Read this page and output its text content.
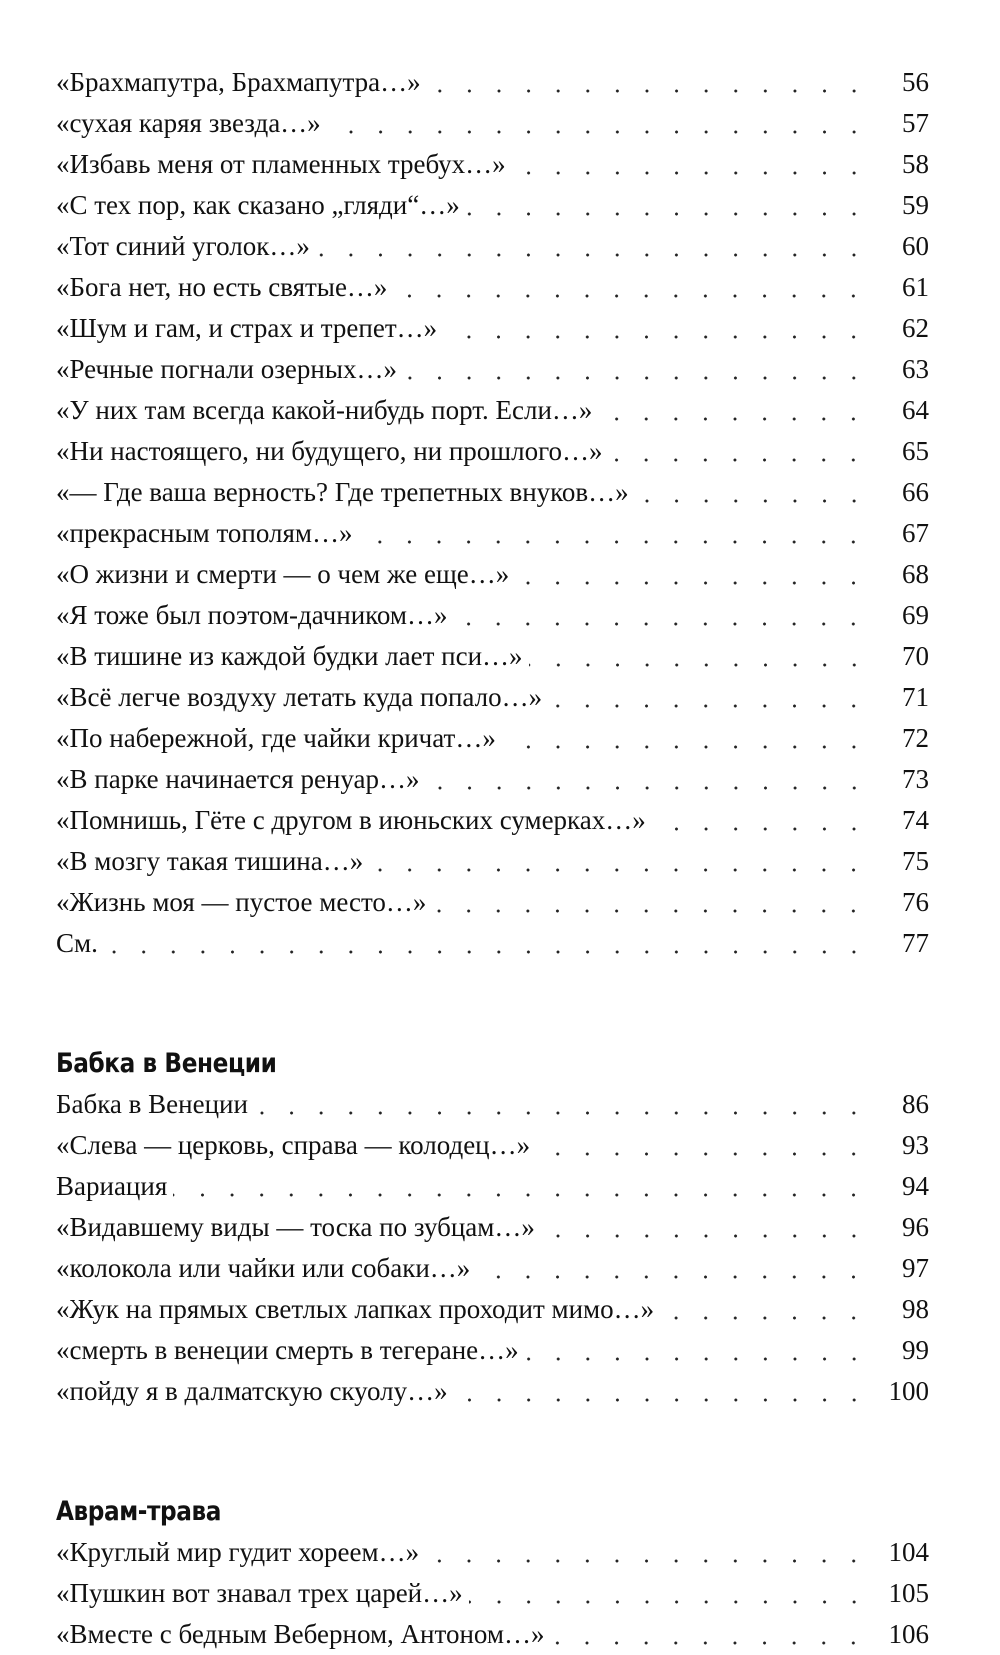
«Брахмапутра, Брахмапутра…»	56
«сухая каряя звезда…»	57
«Избавь меня от пламенных требух…»	58
«С тех пор, как сказано „гляди“…»	59
«Тот синий уголок…»	60
«Бога нет, но есть святые…»	61
«Шум и гам, и страх и трепет…»	62
«Речные погнали озерных…»	63
«У них там всегда какой-нибудь порт. Если…»	64
«Ни настоящего, ни будущего, ни прошлого…»	65
«— Где ваша верность? Где трепетных внуков…»	66
«прекрасным тополям…»	67
«О жизни и смерти — о чем же еще…»	68
«Я тоже был поэтом-дачником…»	69
«В тишине из каждой будки лает пси…»	70
«Всё легче воздуху летать куда попало…»	71
«По набережной, где чайки кричат…»	72
«В парке начинается ренуар…»	73
«Помнишь, Гёте с другом в июньских сумерках…»	74
«В мозгу такая тишина…»	75
«Жизнь моя — пустое место…»	76
См.	77
Бабка в Венеции
Бабка в Венеции	86
«Слева — церковь, справа — колодец…»	93
Вариация	94
«Видавшему виды — тоска по зубцам…»	96
«колокола или чайки или собаки…»	97
«Жук на прямых светлых лапках проходит мимо…»	98
«смерть в венеции смерть в тегеране…»	99
«пойду я в далматскую скуолу…»	100
Аврам-трава
«Круглый мир гудит хореем…»	104
«Пушкин вот знавал трех царей…»	105
«Вместе с бедным Веберном, Антоном…»	106
